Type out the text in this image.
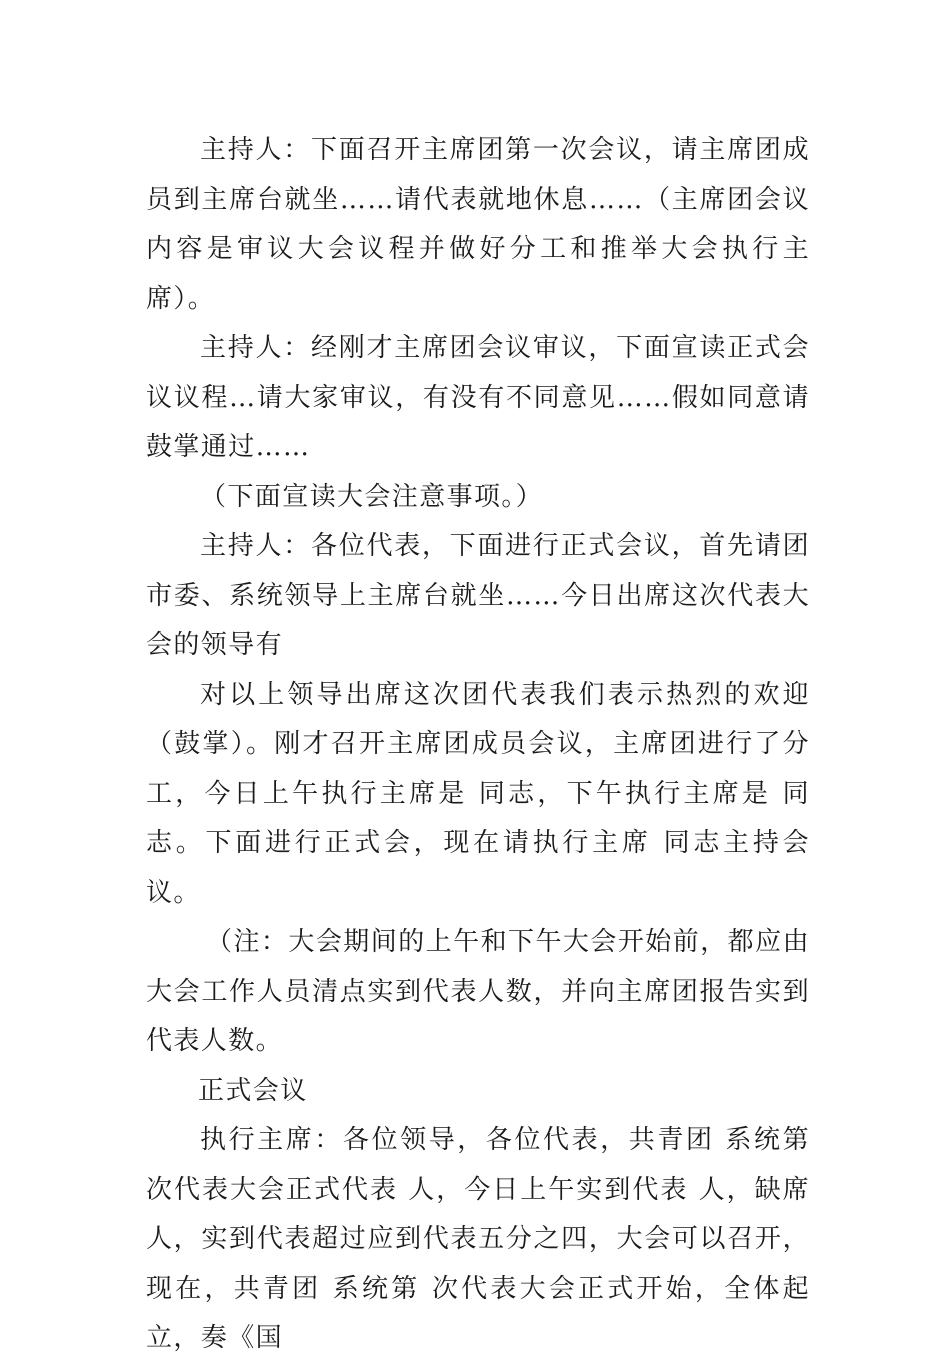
主持人：下面召开主席团第一次会议，请主席团成员到主席台就坐……请代表就地休息……（主席团会议内容是审议大会议程并做好分工和推举大会执行主席）。

主持人：经刚才主席团会议审议，下面宣读正式会议议程…请大家审议，有没有不同意见……假如同意请鼓掌通过……

（下面宣读大会注意事项。）

主持人：各位代表，下面进行正式会议，首先请团市委、系统领导上主席台就坐……今日出席这次代表大会的领导有

对以上领导出席这次团代表我们表示热烈的欢迎（鼓掌）。刚才召开主席团成员会议，主席团进行了分工，今日上午执行主席是 同志，下午执行主席是 同志。下面进行正式会，现在请执行主席 同志主持会议。

（注：大会期间的上午和下午大会开始前，都应由大会工作人员清点实到代表人数，并向主席团报告实到代表人数。

正式会议

执行主席：各位领导，各位代表，共青团 系统第 次代表大会正式代表 人，今日上午实到代表 人，缺席 人，实到代表超过应到代表五分之四，大会可以召开，现在，共青团 系统第 次代表大会正式开始，全体起立，奏《国
